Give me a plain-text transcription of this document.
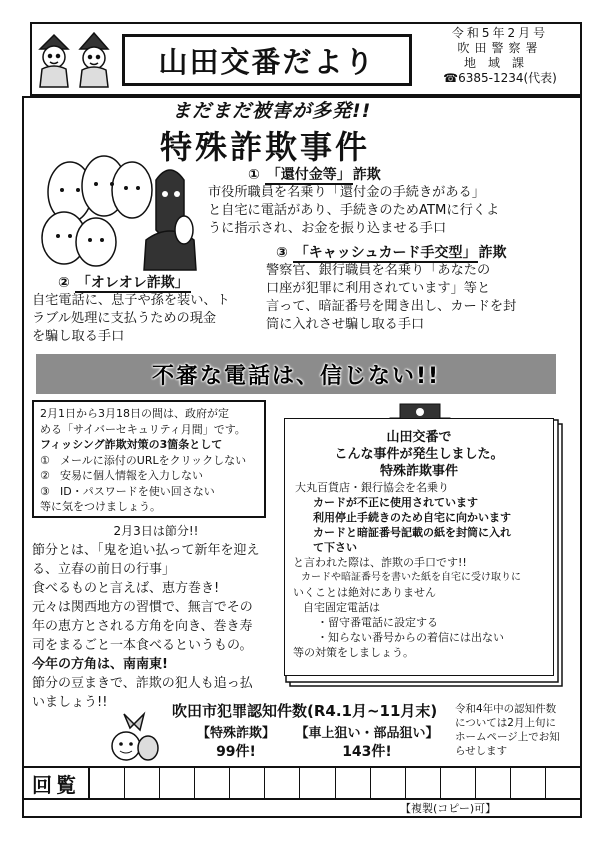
山田交番だより
令和5年2月号
吹田警察署
地域課
☎6385-1234(代表)
まだまだ被害が多発!!
特殊詐欺事件
① 「還付金等」 詐欺
市役所職員を名乗り「還付金の手続きがある」
と自宅に電話があり、手続きのためATMに行くよ
うに指示され、お金を振り込ませる手口
③ 「キャッシュカード手交型」 詐欺
警察官、銀行職員を名乗り「あなたの
口座が犯罪に利用されています」等と
言って、暗証番号を聞き出し、カードを封
筒に入れさせ騙し取る手口
② 「オレオレ詐欺」
自宅電話に、息子や孫を装い、ト
ラブル処理に支払うための現金
を騙し取る手口
不審な電話は、信じない!!
2月1日から3月18日の間は、政府が定
める「サイバーセキュリティ月間」です。
フィッシング詐欺対策の3箇条として
① メールに添付のURLをクリックしない
② 安易に個人情報を入力しない
③ ID・パスワードを使い回さない
等に気をつけましょう。
山田交番で
こんな事件が発生しました。
特殊詐欺事件
大丸百貨店・銀行協会を名乗り
カードが不正に使用されています
利用停止手続きのため自宅に向かいます
カードと暗証番号記載の紙を封筒に入れ
て下さい
と言われた際は、詐欺の手口です!!
カードや暗証番号を書いた紙を自宅に受け取りに
いくことは絶対にありません
自宅固定電話は
・留守番電話に設定する
・知らない番号からの着信には出ない
等の対策をしましょう。
2月3日は節分!!
節分とは、「鬼を追い払って新年を迎え
る、立春の前日の行事」
食べるものと言えば、恵方巻き!
元々は関西地方の習慣で、無言でその
年の恵方とされる方角を向き、巻き寿
司をまるごと一本食べるというもの。
今年の方角は、南南東!
節分の豆まきで、詐欺の犯人も追っ払
いましょう!!	吹田市犯罪認知件数(R4.1月~11月末)
【特殊詐欺】
99件!
【車上狙い・部品狙い】
143件!
令和4年中の認知件数
については2月上旬に
ホームページ上でお知
らせします
回覧
【複製(コピー)可】
